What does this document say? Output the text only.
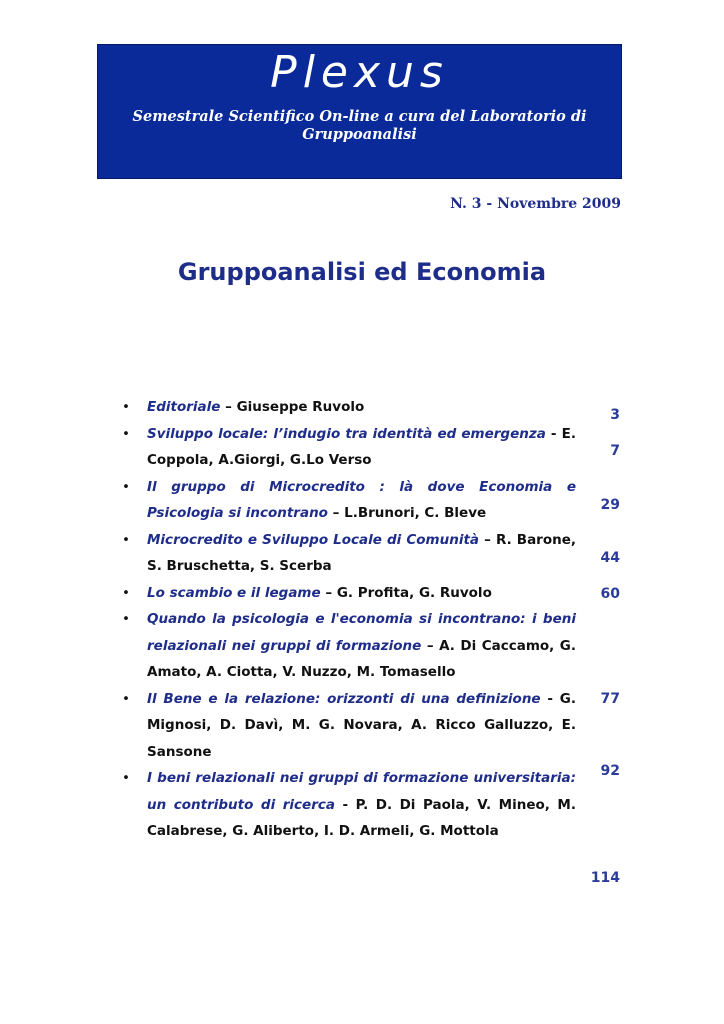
Plexus
Semestrale Scientifico On-line a cura del Laboratorio di Gruppoanalisi
N. 3 - Novembre 2009
Gruppoanalisi ed Economia
• Editoriale – Giuseppe Ruvolo
• Sviluppo locale: l’indugio tra identità ed emergenza - E. Coppola, A.Giorgi, G.Lo Verso
• Il gruppo di Microcredito : là dove Economia e Psicologia si incontrano – L.Brunori, C. Bleve
• Microcredito e Sviluppo Locale di Comunità – R. Barone, S. Bruschetta, S. Scerba
• Lo scambio e il legame – G. Profita, G. Ruvolo
• Quando la psicologia e l'economia si incontrano: i beni relazionali nei gruppi di formazione – A. Di Caccamo, G. Amato, A. Ciotta, V. Nuzzo, M. Tomasello
• Il Bene e la relazione: orizzonti di una definizione - G. Mignosi, D. Davì, M. G. Novara, A. Ricco Galluzzo, E. Sansone
• I beni relazionali nei gruppi di formazione universitaria: un contributo di ricerca - P. D. Di Paola, V. Mineo, M. Calabrese, G. Aliberto, I. D. Armeli, G. Mottola
3
7
29
44
60
77
92
114
